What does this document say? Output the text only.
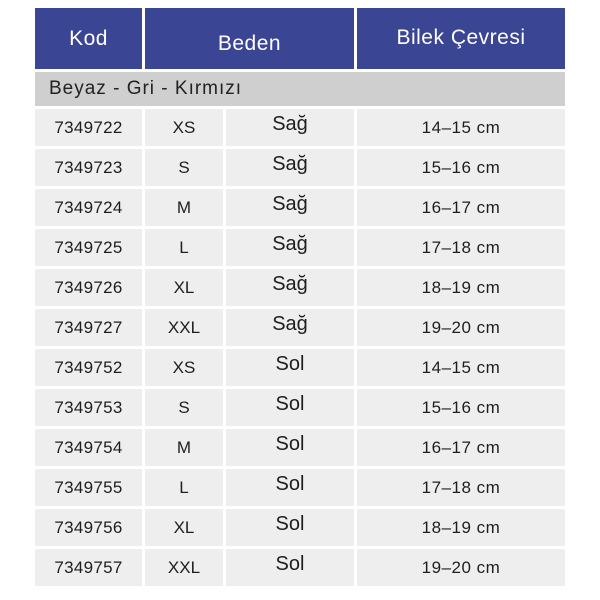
Kod	Beden	Bilek Çevresi
Beyaz - Gri - Kırmızı
7349722	XS	Sağ	14–15 cm
7349723	S	Sağ	15–16 cm
7349724	M	Sağ	16–17 cm
7349725	L	Sağ	17–18 cm
7349726	XL	Sağ	18–19 cm
7349727	XXL	Sağ	19–20 cm
7349752	XS	Sol	14–15 cm
7349753	S	Sol	15–16 cm
7349754	M	Sol	16–17 cm
7349755	L	Sol	17–18 cm
7349756	XL	Sol	18–19 cm
7349757	XXL	Sol	19–20 cm
